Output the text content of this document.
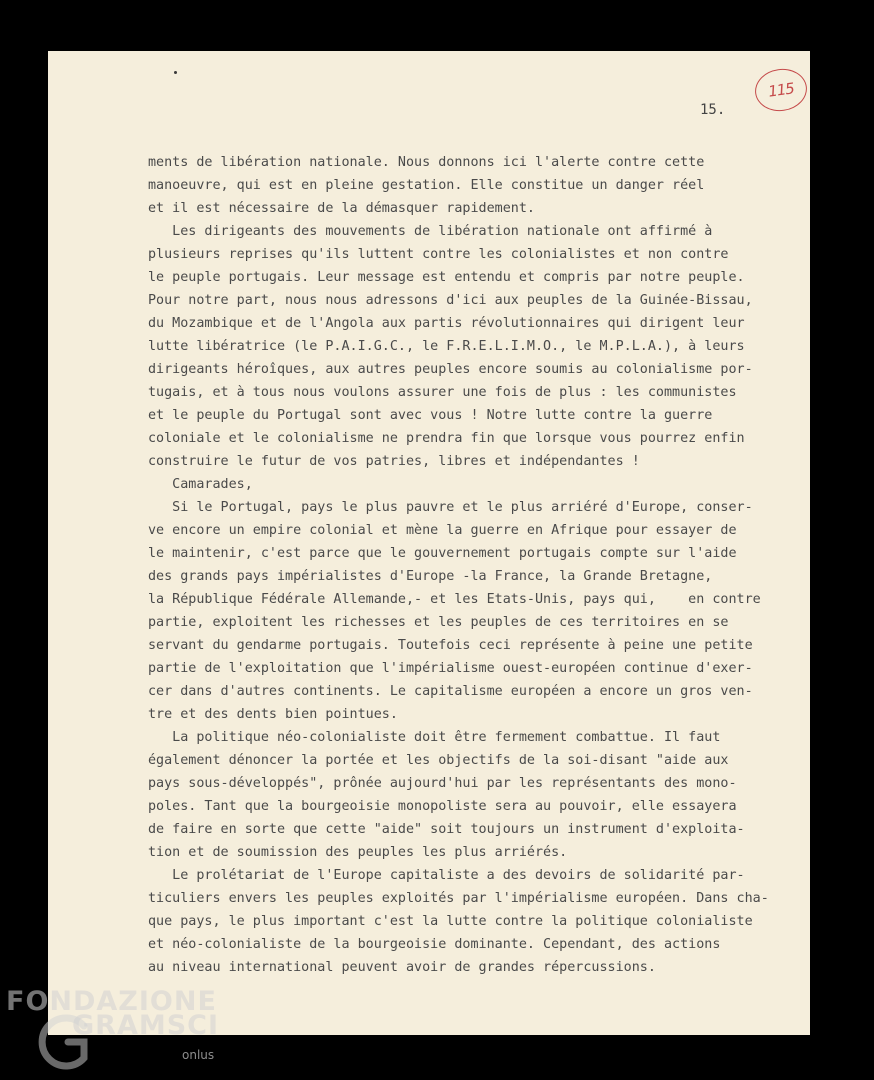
115
15.
ments de libération nationale. Nous donnons ici l'alerte contre cette
manoeuvre, qui est en pleine gestation. Elle constitue un danger réel
et il est nécessaire de la démasquer rapidement.
Les dirigeants des mouvements de libération nationale ont affirmé à
plusieurs reprises qu'ils luttent contre les colonialistes et non contre
le peuple portugais. Leur message est entendu et compris par notre peuple.
Pour notre part, nous nous adressons d'ici aux peuples de la Guinée-Bissau,
du Mozambique et de l'Angola aux partis révolutionnaires qui dirigent leur
lutte libératrice (le P.A.I.G.C., le F.R.E.L.I.M.O., le M.P.L.A.), à leurs
dirigeants héroîques, aux autres peuples encore soumis au colonialisme por-
tugais, et à tous nous voulons assurer une fois de plus : les communistes
et le peuple du Portugal sont avec vous ! Notre lutte contre la guerre
coloniale et le colonialisme ne prendra fin que lorsque vous pourrez enfin
construire le futur de vos patries, libres et indépendantes !
Camarades,
Si le Portugal, pays le plus pauvre et le plus arriéré d'Europe, conser-
ve encore un empire colonial et mène la guerre en Afrique pour essayer de
le maintenir, c'est parce que le gouvernement portugais compte sur l'aide
des grands pays impérialistes d'Europe -la France, la Grande Bretagne,
la République Fédérale Allemande,- et les Etats-Unis, pays qui,    en contre
partie, exploitent les richesses et les peuples de ces territoires en se
servant du gendarme portugais. Toutefois ceci représente à peine une petite
partie de l'exploitation que l'impérialisme ouest-européen continue d'exer-
cer dans d'autres continents. Le capitalisme européen a encore un gros ven-
tre et des dents bien pointues.
La politique néo-colonialiste doit être fermement combattue. Il faut
également dénoncer la portée et les objectifs de la soi-disant "aide aux
pays sous-développés", prônée aujourd'hui par les représentants des mono-
poles. Tant que la bourgeoisie monopoliste sera au pouvoir, elle essayera
de faire en sorte que cette "aide" soit toujours un instrument d'exploita-
tion et de soumission des peuples les plus arriérés.
Le prolétariat de l'Europe capitaliste a des devoirs de solidarité par-
ticuliers envers les peuples exploités par l'impérialisme européen. Dans cha-
que pays, le plus important c'est la lutte contre la politique colonialiste
et néo-colonialiste de la bourgeoisie dominante. Cependant, des actions
au niveau international peuvent avoir de grandes répercussions.
FONDAZIONE
GRAMSCI
onlus
